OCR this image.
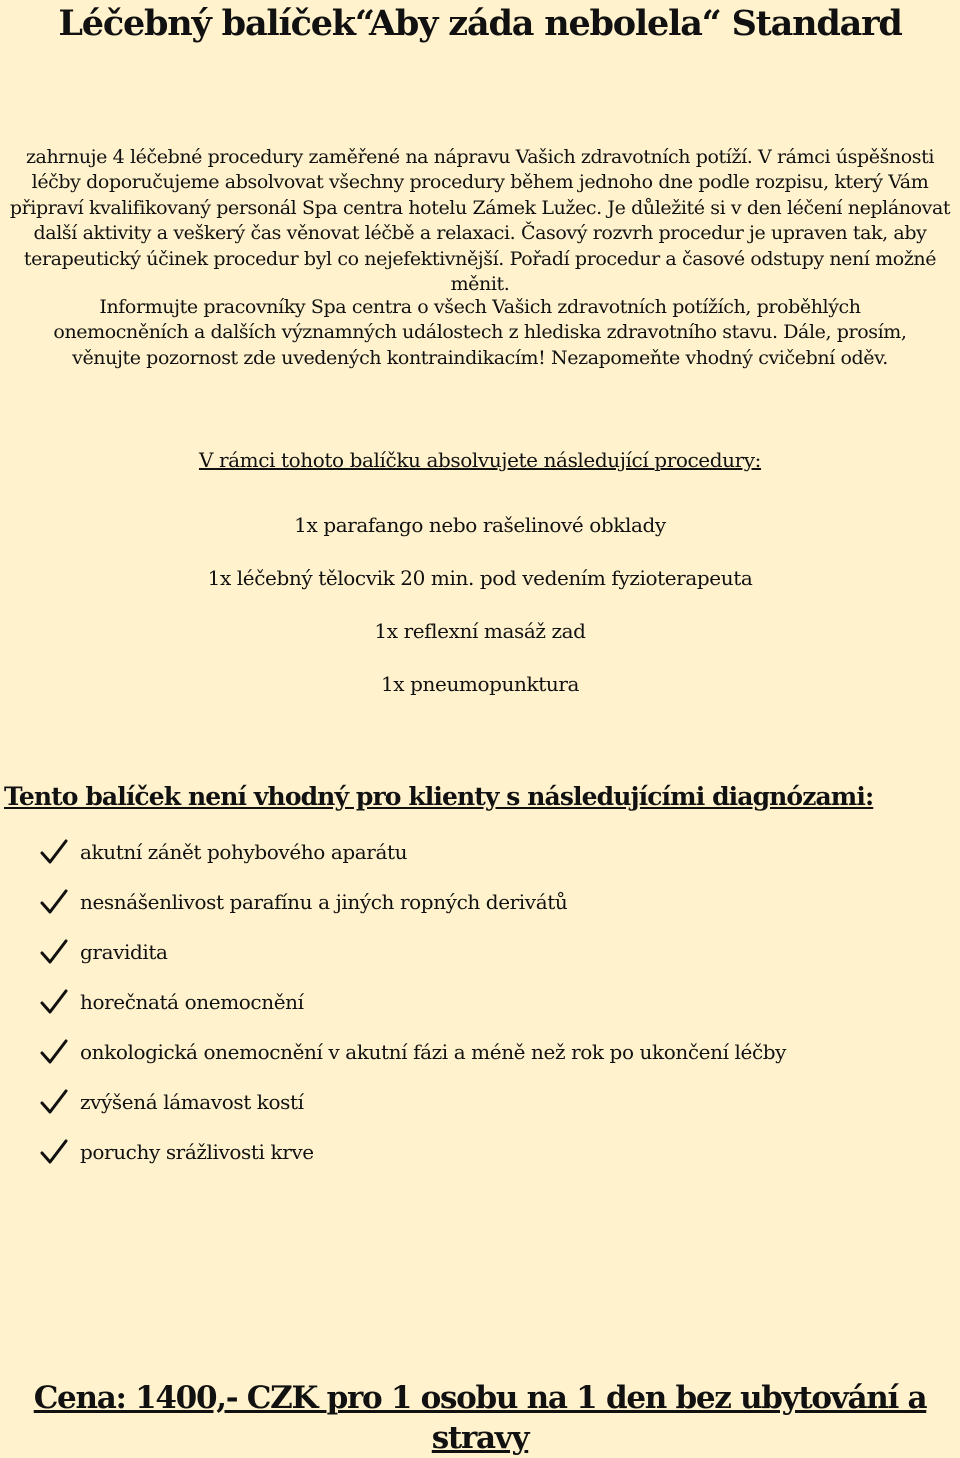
Léčebný balíček“Aby záda nebolela“ Standard

zahrnuje 4 léčebné procedury zaměřené na nápravu Vašich zdravotních potíží. V rámci úspěšnosti léčby doporučujeme absolvovat všechny procedury během jednoho dne podle rozpisu, který Vám připraví kvalifikovaný personál Spa centra hotelu Zámek Lužec. Je důležité si v den léčení neplánovat další aktivity a veškerý čas věnovat léčbě a relaxaci. Časový rozvrh procedur je upraven tak, aby terapeutický účinek procedur byl co nejefektivnější. Pořadí procedur a časové odstupy není možné měnit.

Informujte pracovníky Spa centra o všech Vašich zdravotních potížích, proběhlých onemocněních a dalších významných událostech z hlediska zdravotního stavu. Dále, prosím, věnujte pozornost zde uvedených kontraindikacím! Nezapomeňte vhodný cvičební oděv.

V rámci tohoto balíčku absolvujete následující procedury:
1x parafango nebo rašelinové obklady
1x léčebný tělocvik 20 min. pod vedením fyzioterapeuta
1x reflexní masáž zad
1x pneumopunktura
Tento balíček není vhodný pro klienty s následujícími diagnózami:
akutní zánět pohybového aparátu
nesnášenlivost parafínu a jiných ropných derivátů
gravidita
horečnatá onemocnění
onkologická onemocnění v akutní fázi a méně než rok po ukončení léčby
zvýšená lámavost kostí
poruchy srážlivosti krve
Cena: 1400,- CZK pro 1 osobu na 1 den bez ubytování a stravy
